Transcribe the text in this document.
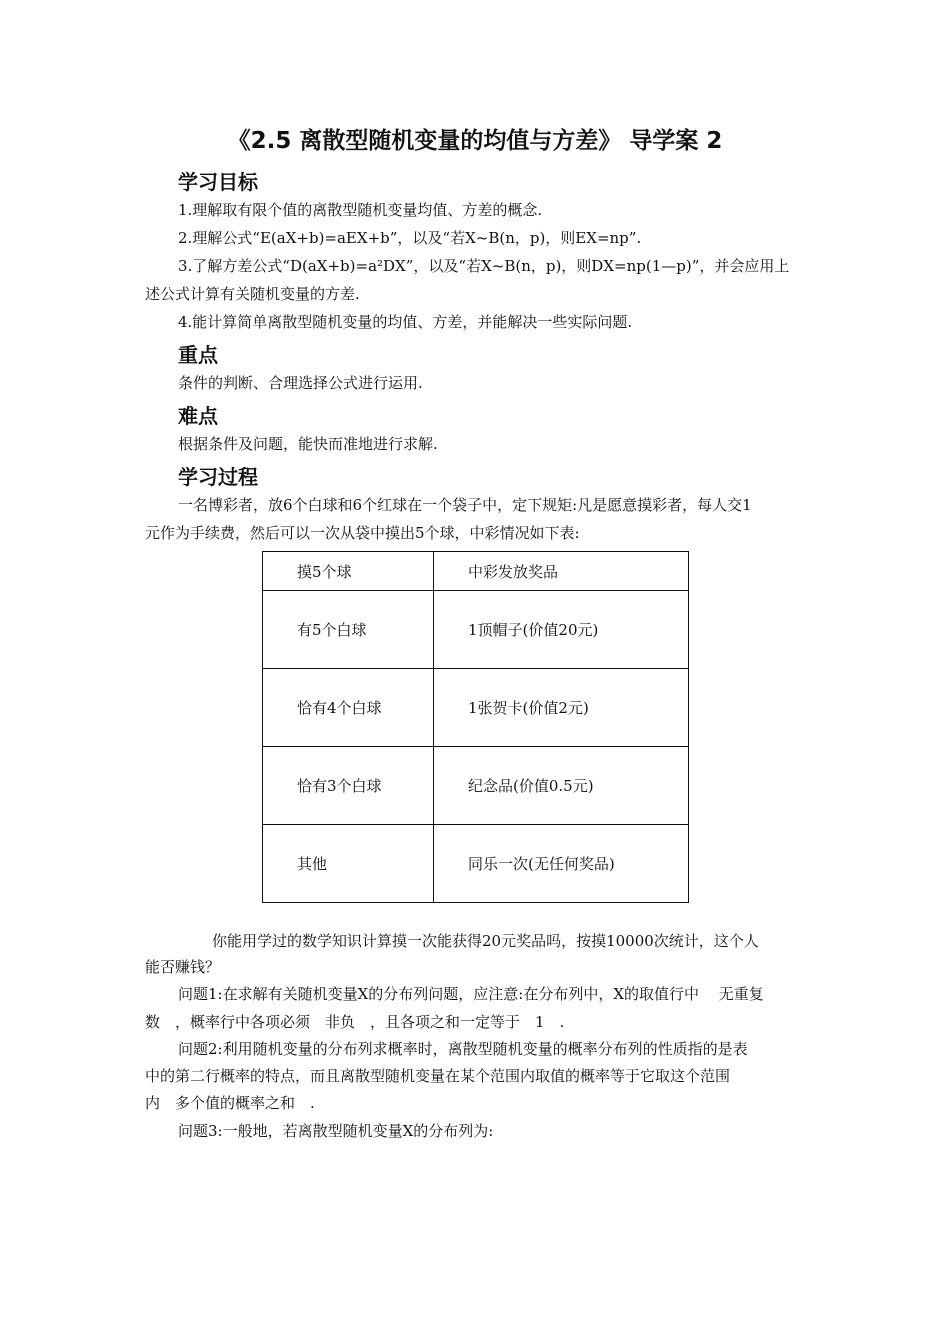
《2.5 离散型随机变量的均值与方差》 导学案 2
学习目标
1.理解取有限个值的离散型随机变量均值、方差的概念.
2.理解公式“E(aX+b)=aEX+b”，以及“若X~B(n，p)，则EX=np”.
3.了解方差公式“D(aX+b)=a²DX”，以及“若X~B(n，p)，则DX=np(1—p)”，并会应用上
述公式计算有关随机变量的方差.
4.能计算简单离散型随机变量的均值、方差，并能解决一些实际问题.
重点
条件的判断、合理选择公式进行运用.
难点
根据条件及问题，能快而准地进行求解.
学习过程
一名博彩者，放6个白球和6个红球在一个袋子中，定下规矩:凡是愿意摸彩者，每人交1
元作为手续费，然后可以一次从袋中摸出5个球，中彩情况如下表:
摸5个球	中彩发放奖品
有5个白球	1顶帽子(价值20元)
恰有4个白球	1张贺卡(价值2元)
恰有3个白球	纪念品(价值0.5元)
其他	同乐一次(无任何奖品)
你能用学过的数学知识计算摸一次能获得20元奖品吗，按摸10000次统计，这个人
能否赚钱？
问题1:在求解有关随机变量X的分布列问题，应注意:在分布列中，X的取值行中　 无重复
数　，概率行中各项必须　非负　，且各项之和一定等于　1　.
问题2:利用随机变量的分布列求概率时，离散型随机变量的概率分布列的性质指的是表
中的第二行概率的特点，而且离散型随机变量在某个范围内取值的概率等于它取这个范围
内　多个值的概率之和　.
问题3:一般地，若离散型随机变量X的分布列为:
